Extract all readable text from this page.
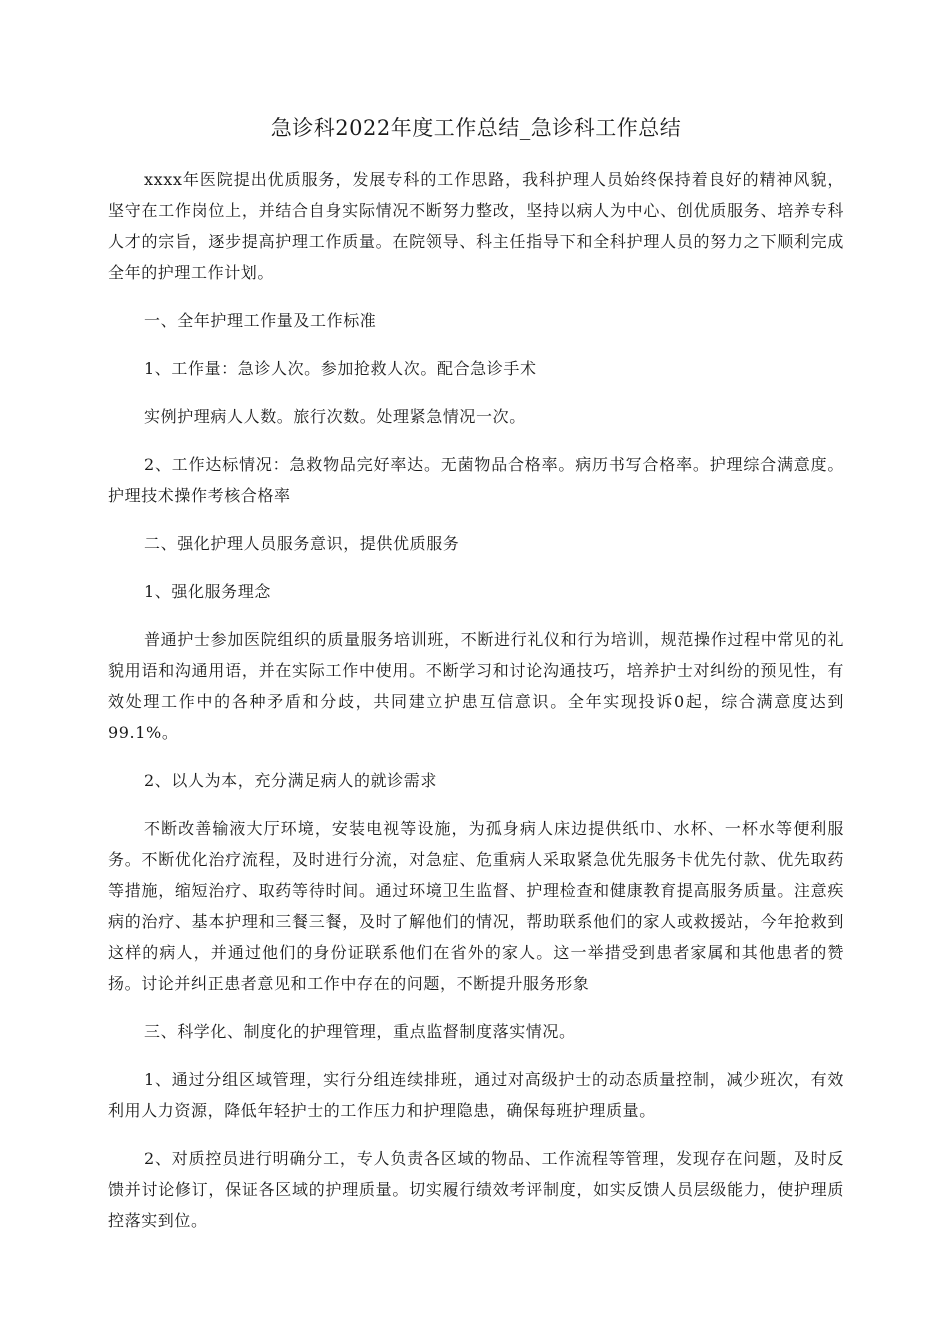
急诊科2022年度工作总结_急诊科工作总结

xxxx年医院提出优质服务，发展专科的工作思路，我科护理人员始终保持着良好的精神风貌，坚守在工作岗位上，并结合自身实际情况不断努力整改，坚持以病人为中心、创优质服务、培养专科人才的宗旨，逐步提高护理工作质量。在院领导、科主任指导下和全科护理人员的努力之下顺利完成全年的护理工作计划。

一、全年护理工作量及工作标准

1、工作量：急诊人次。参加抢救人次。配合急诊手术

实例护理病人人数。旅行次数。处理紧急情况一次。

2、工作达标情况：急救物品完好率达。无菌物品合格率。病历书写合格率。护理综合满意度。护理技术操作考核合格率

二、强化护理人员服务意识，提供优质服务

1、强化服务理念

普通护士参加医院组织的质量服务培训班，不断进行礼仪和行为培训，规范操作过程中常见的礼貌用语和沟通用语，并在实际工作中使用。不断学习和讨论沟通技巧，培养护士对纠纷的预见性，有效处理工作中的各种矛盾和分歧，共同建立护患互信意识。全年实现投诉0起，综合满意度达到99.1%。

2、以人为本，充分满足病人的就诊需求

不断改善输液大厅环境，安装电视等设施，为孤身病人床边提供纸巾、水杯、一杯水等便利服务。不断优化治疗流程，及时进行分流，对急症、危重病人采取紧急优先服务卡优先付款、优先取药等措施，缩短治疗、取药等待时间。通过环境卫生监督、护理检查和健康教育提高服务质量。注意疾病的治疗、基本护理和三餐三餐，及时了解他们的情况，帮助联系他们的家人或救援站，今年抢救到这样的病人，并通过他们的身份证联系他们在省外的家人。这一举措受到患者家属和其他患者的赞扬。讨论并纠正患者意见和工作中存在的问题，不断提升服务形象

三、科学化、制度化的护理管理，重点监督制度落实情况。

1、通过分组区域管理，实行分组连续排班，通过对高级护士的动态质量控制，减少班次，有效利用人力资源，降低年轻护士的工作压力和护理隐患，确保每班护理质量。

2、对质控员进行明确分工，专人负责各区域的物品、工作流程等管理，发现存在问题，及时反馈并讨论修订，保证各区域的护理质量。切实履行绩效考评制度，如实反馈人员层级能力，使护理质控落实到位。
